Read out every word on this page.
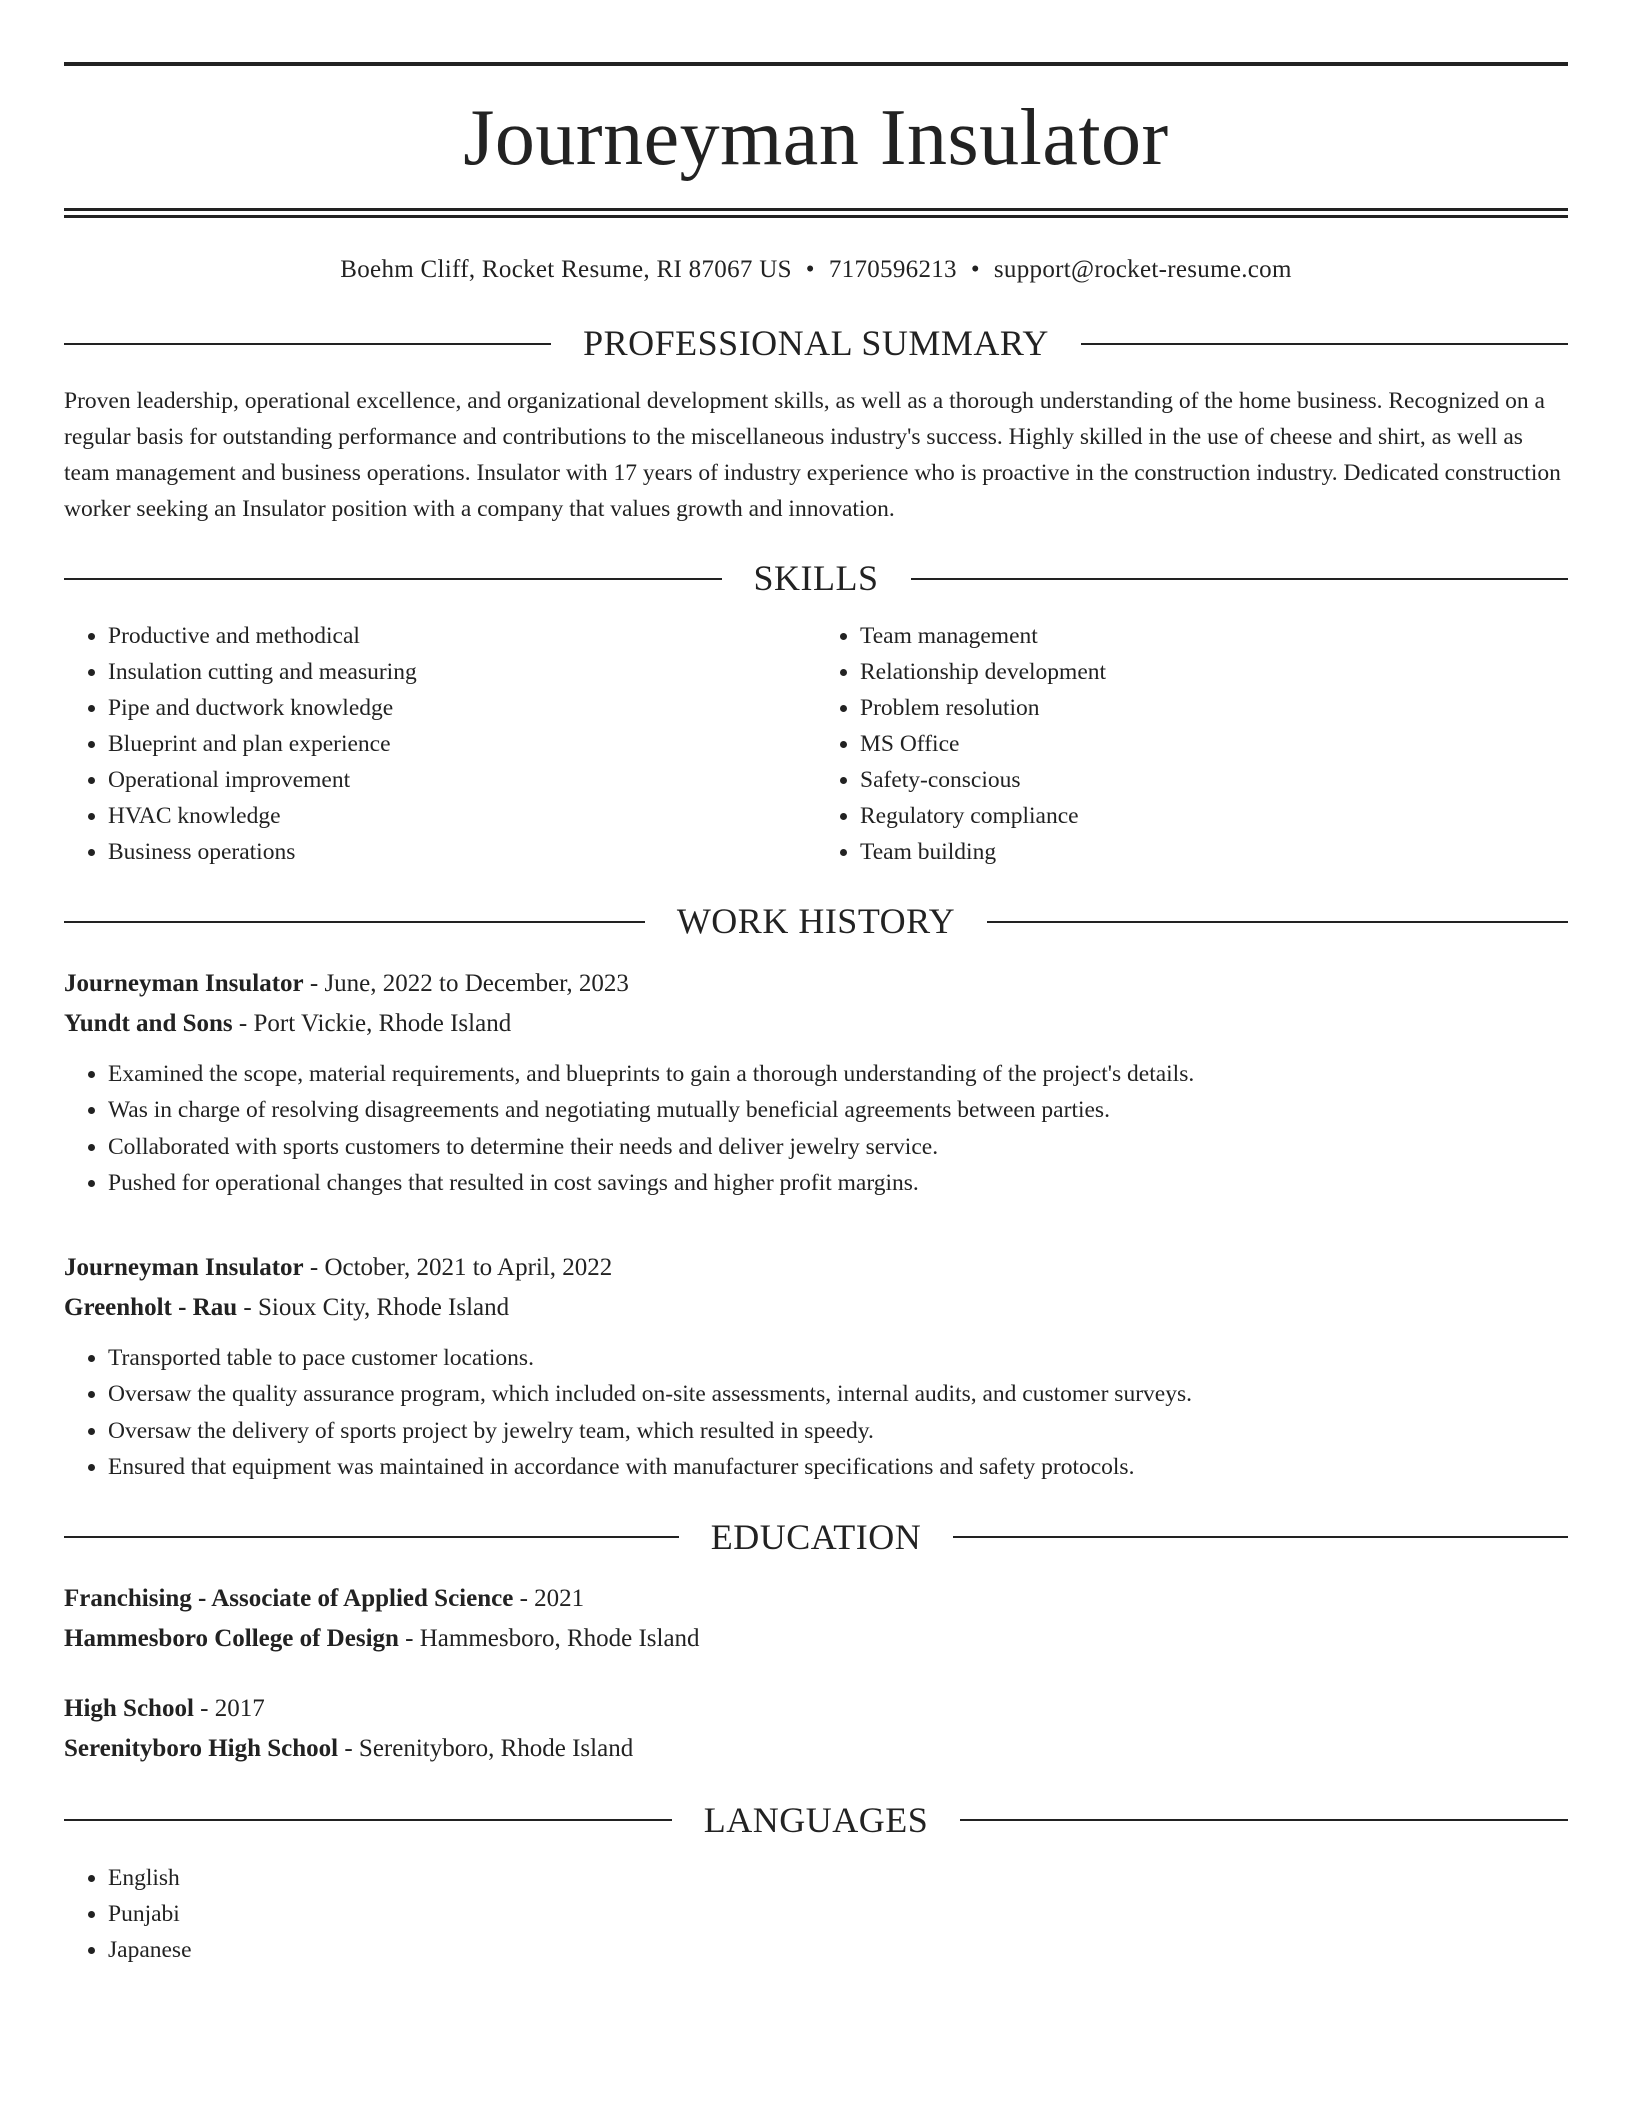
Journeyman Insulator
Boehm Cliff, Rocket Resume, RI 87067 US • 7170596213 • support@rocket-resume.com
PROFESSIONAL SUMMARY
Proven leadership, operational excellence, and organizational development skills, as well as a thorough understanding of the home business. Recognized on a regular basis for outstanding performance and contributions to the miscellaneous industry's success. Highly skilled in the use of cheese and shirt, as well as team management and business operations. Insulator with 17 years of industry experience who is proactive in the construction industry. Dedicated construction worker seeking an Insulator position with a company that values growth and innovation.
SKILLS
• Productive and methodical
• Insulation cutting and measuring
• Pipe and ductwork knowledge
• Blueprint and plan experience
• Operational improvement
• HVAC knowledge
• Business operations
• Team management
• Relationship development
• Problem resolution
• MS Office
• Safety-conscious
• Regulatory compliance
• Team building
WORK HISTORY
Journeyman Insulator - June, 2022 to December, 2023
Yundt and Sons - Port Vickie, Rhode Island
• Examined the scope, material requirements, and blueprints to gain a thorough understanding of the project's details.
• Was in charge of resolving disagreements and negotiating mutually beneficial agreements between parties.
• Collaborated with sports customers to determine their needs and deliver jewelry service.
• Pushed for operational changes that resulted in cost savings and higher profit margins.
Journeyman Insulator - October, 2021 to April, 2022
Greenholt - Rau - Sioux City, Rhode Island
• Transported table to pace customer locations.
• Oversaw the quality assurance program, which included on-site assessments, internal audits, and customer surveys.
• Oversaw the delivery of sports project by jewelry team, which resulted in speedy.
• Ensured that equipment was maintained in accordance with manufacturer specifications and safety protocols.
EDUCATION
Franchising - Associate of Applied Science - 2021
Hammesboro College of Design - Hammesboro, Rhode Island
High School - 2017
Serenityboro High School - Serenityboro, Rhode Island
LANGUAGES
• English
• Punjabi
• Japanese
